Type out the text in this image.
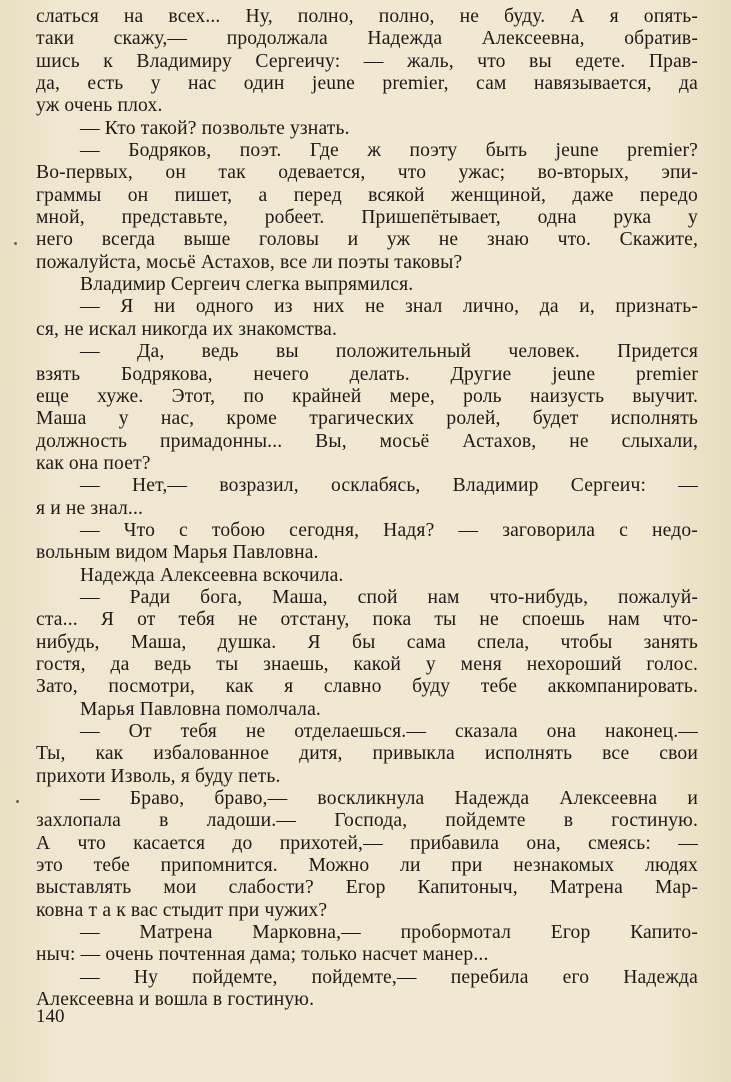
слаться на всех... Ну, полно, полно, не буду. А я опять-
таки скажу,— продолжала Надежда Алексеевна, обратив-
шись к Владимиру Сергеичу: — жаль, что вы едете. Прав-
да, есть у нас один jeune premier, сам навязывается, да
уж очень плох.
— Кто такой? позвольте узнать.
— Бодряков, поэт. Где ж поэту быть jeune premier?
Во-первых, он так одевается, что ужас; во-вторых, эпи-
граммы он пишет, а перед всякой женщиной, даже передо
мной, представьте, робеет. Пришепётывает, одна рука у
него всегда выше головы и уж не знаю что. Скажите,
пожалуйста, мосьё Астахов, все ли поэты таковы?
Владимир Сергеич слегка выпрямился.
— Я ни одного из них не знал лично, да и, признать-
ся, не искал никогда их знакомства.
— Да, ведь вы положительный человек. Придется
взять Бодрякова, нечего делать. Другие jeune premier
еще хуже. Этот, по крайней мере, роль наизусть выучит.
Маша у нас, кроме трагических ролей, будет исполнять
должность примадонны... Вы, мосьё Астахов, не слыхали,
как она поет?
— Нет,— возразил, осклабясь, Владимир Сергеич: —
я и не знал...
— Что с тобою сегодня, Надя? — заговорила с недо-
вольным видом Марья Павловна.
Надежда Алексеевна вскочила.
— Ради бога, Маша, спой нам что-нибудь, пожалуй-
ста... Я от тебя не отстану, пока ты не споешь нам что-
нибудь, Маша, душка. Я бы сама спела, чтобы занять
гостя, да ведь ты знаешь, какой у меня нехороший голос.
Зато, посмотри, как я славно буду тебе аккомпанировать.
Марья Павловна помолчала.
— От тебя не отделаешься.— сказала она наконец.—
Ты, как избалованное дитя, привыкла исполнять все свои
прихоти Изволь, я буду петь.
— Браво, браво,— воскликнула Надежда Алексеевна и
захлопала в ладоши.— Господа, пойдемте в гостиную.
А что касается до прихотей,— прибавила она, смеясь: —
это тебе припомнится. Можно ли при незнакомых людях
выставлять мои слабости? Егор Капитоныч, Матрена Мар-
ковна т а к вас стыдит при чужих?
— Матрена Марковна,— пробормотал Егор Капито-
ныч: — очень почтенная дама; только насчет манер...
— Ну пойдемте, пойдемте,— перебила его Надежда
Алексеевна и вошла в гостиную.
140
